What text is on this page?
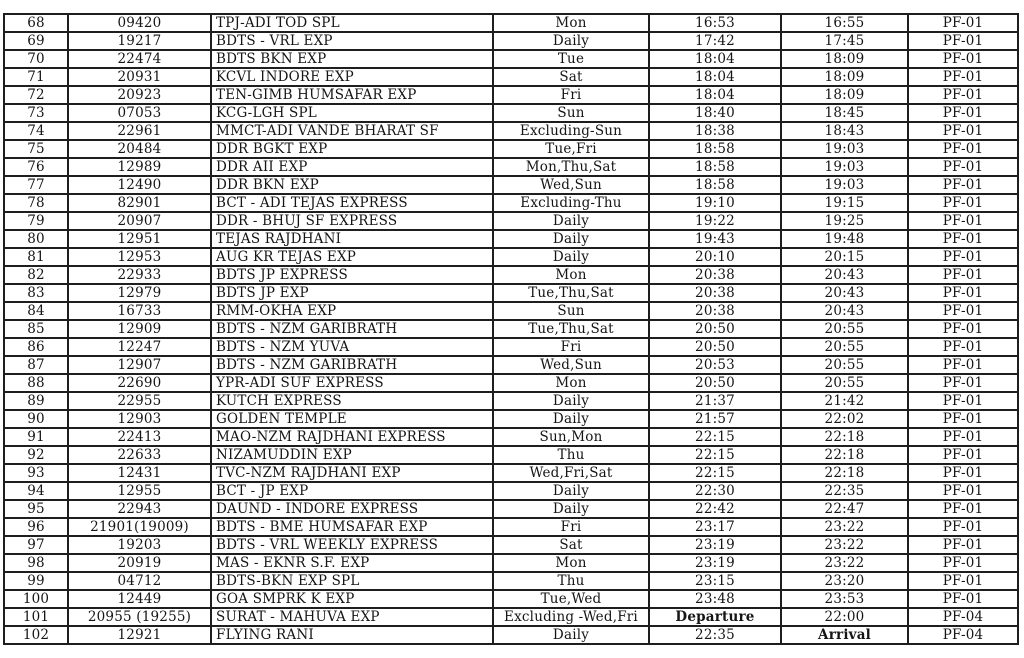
68	09420	TPJ-ADI TOD SPL	Mon	16:53	16:55	PF-01
69	19217	BDTS - VRL EXP	Daily	17:42	17:45	PF-01
70	22474	BDTS BKN EXP	Tue	18:04	18:09	PF-01
71	20931	KCVL INDORE EXP	Sat	18:04	18:09	PF-01
72	20923	TEN-GIMB HUMSAFAR EXP	Fri	18:04	18:09	PF-01
73	07053	KCG-LGH SPL	Sun	18:40	18:45	PF-01
74	22961	MMCT-ADI VANDE BHARAT SF	Excluding-Sun	18:38	18:43	PF-01
75	20484	DDR BGKT EXP	Tue,Fri	18:58	19:03	PF-01
76	12989	DDR AII EXP	Mon,Thu,Sat	18:58	19:03	PF-01
77	12490	DDR BKN EXP	Wed,Sun	18:58	19:03	PF-01
78	82901	BCT - ADI TEJAS EXPRESS	Excluding-Thu	19:10	19:15	PF-01
79	20907	DDR - BHUJ SF EXPRESS	Daily	19:22	19:25	PF-01
80	12951	TEJAS RAJDHANI	Daily	19:43	19:48	PF-01
81	12953	AUG KR TEJAS EXP	Daily	20:10	20:15	PF-01
82	22933	BDTS JP EXPRESS	Mon	20:38	20:43	PF-01
83	12979	BDTS JP EXP	Tue,Thu,Sat	20:38	20:43	PF-01
84	16733	RMM-OKHA EXP	Sun	20:38	20:43	PF-01
85	12909	BDTS - NZM GARIBRATH	Tue,Thu,Sat	20:50	20:55	PF-01
86	12247	BDTS - NZM YUVA	Fri	20:50	20:55	PF-01
87	12907	BDTS - NZM GARIBRATH	Wed,Sun	20:53	20:55	PF-01
88	22690	YPR-ADI SUF EXPRESS	Mon	20:50	20:55	PF-01
89	22955	KUTCH EXPRESS	Daily	21:37	21:42	PF-01
90	12903	GOLDEN TEMPLE	Daily	21:57	22:02	PF-01
91	22413	MAO-NZM RAJDHANI EXPRESS	Sun,Mon	22:15	22:18	PF-01
92	22633	NIZAMUDDIN EXP	Thu	22:15	22:18	PF-01
93	12431	TVC-NZM RAJDHANI EXP	Wed,Fri,Sat	22:15	22:18	PF-01
94	12955	BCT - JP EXP	Daily	22:30	22:35	PF-01
95	22943	DAUND - INDORE EXPRESS	Daily	22:42	22:47	PF-01
96	21901(19009)	BDTS - BME HUMSAFAR EXP	Fri	23:17	23:22	PF-01
97	19203	BDTS - VRL WEEKLY EXPRESS	Sat	23:19	23:22	PF-01
98	20919	MAS - EKNR S.F. EXP	Mon	23:19	23:22	PF-01
99	04712	BDTS-BKN EXP SPL	Thu	23:15	23:20	PF-01
100	12449	GOA SMPRK K EXP	Tue,Wed	23:48	23:53	PF-01
101	20955 (19255)	SURAT - MAHUVA EXP	Excluding -Wed,Fri	Departure	22:00	PF-04
102	12921	FLYING RANI	Daily	22:35	Arrival	PF-04
